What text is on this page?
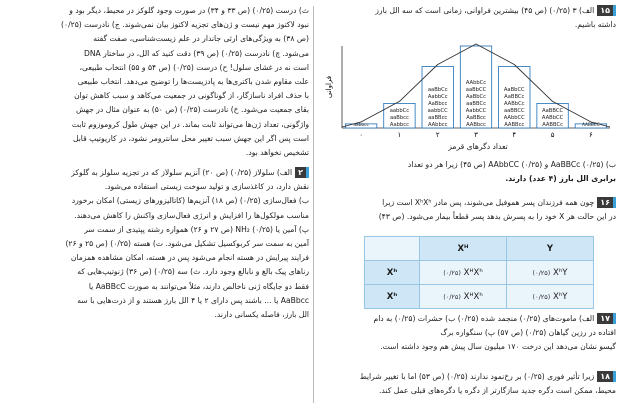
۱۵الف) ۳ (۰/۲۵) (ص ۴۵) بیشترین فراوانی، زمانی است که سه الل بارز

داشته باشیم.

تعداد دگرهای قرمز

ب) AaBBCc (۰/۲۵) و AAbbCC (۰/۲۵) (ص ۴۵) زیرا هر دو تعداد

برابری الل بارز (۴ عدد) دارند.

۱۶چون همه فرزندان پسر هموفیل می‌شوند، پس مادر XʰXʰ است زیرا

در این حالت هر X خود را به پسرش بدهد پسر قطعاً بیمار می‌شود. (ص ۴۳)

۱۷الف) ماموت‌های (۰/۲۵) منجمد شده (۰/۲۵) ب) حشرات (۰/۲۵) به دام

افتاده در رزین گیاهان (۰/۲۵) (ص ۵۷) پ) سنگواره برگ

گیسو نشان می‌دهد این درخت ۱۷۰ میلیون سال پیش هم وجود داشته است.

۱۸زیرا تأثیر فوری (۰/۲۵) بر رخ‌نمود ندارند (۰/۲۵) (ص ۵۳) اما با تغییر شرایط

محیط، ممکن است دگره جدید سازگارتر از دگره یا دگره‌های قبلی عمل کند.

فراوانی
aabbcc
۰
Aabbcc
aaBbcc
aabbCc
۱
AAbbcc
aaBBcc
aabbCC
AaBbcc
AabbCc
aaBbCc
۲
AABbcc
AaBBcc
AabbCC
aaBBCc
AaBbCc
aaBbCC
AAbbCc
۳
AABBcc
AAbbCC
aaBBCC
AABbCc
AaBBCc
AaBbCC
۴
AABBCc
AABbCC
AaBBCC
۵
AABBCC
۶
	Xᴴ	Y
Xʰ	(۰/۲۵) XᴴXʰ	(۰/۲۵) XʰY
Xʰ	(۰/۲۵) XᴴXʰ	(۰/۲۵) XʰY

ث) درست (۰/۲۵) (ص ۳۳ و ۳۴) در صورت وجود گلوکز در محیط، دیگر بود و

نبود لاکتوز مهم نیست و ژن‌های تجزیه لاکتوز بیان نمی‌شوند. ج) نادرست (۰/۲۵)

(ص ۳۸) به ویژگی‌های ارثی جاندار در علم زیست‌شناسی، صفت گفته

می‌شود. چ) نادرست (۰/۲۵) (ص ۳۹) دقت کنید که الل، در ساختار DNA

است نه در غشای سلول! ح) درست (۰/۲۵) (ص ۵۴ و ۵۵) انتخاب طبیعی،

علت مقاوم شدن باکتری‌ها به پادزیست‌ها را توضیح می‌دهد. انتخاب طبیعی

با حذف افراد ناسازگار، از گوناگونی در جمعیت می‌کاهد و سبب کاهش توان

بقای جمعیت می‌شود. خ) نادرست (۰/۲۵) (ص ۵۰) به عنوان مثال در جهش

واژگونی، تعداد ژن‌ها می‌تواند ثابت بماند. در این جهش طول کروموزوم ثابت

است پس اگر این جهش سبب تغییر محل سانترومر نشود، در کاریوتیپ قابل

تشخیص نخواهد بود.

۲الف) سلولاز (۰/۲۵) (ص ۲۰) آنزیم سلولاز که در تجزیه سلولز به گلوکز

نقش دارد، در کاغذسازی و تولید سوخت زیستی استفاده می‌شود.

ب) فعال‌سازی (۰/۲۵) (ص ۱۸) آنزیم‌ها (کاتالیزورهای زیستی) امکان برخورد

مناسب مولکول‌ها را افزایش و انرژی فعال‌سازی واکنش را کاهش می‌دهند.

پ) آمین یا NH₂ (۰/۲۵) (ص ۲۷ و ۲۶) همواره رشته پپتیدی از سمت سر

آمین به سمت سر کربوکسیل تشکیل می‌شود. ت) هسته (۰/۲۵) (ص ۲۵ و ۲۶)

فرایند پیرایش در هسته انجام می‌شود پس در هسته، امکان مشاهده همزمان

رناهای پیک بالغ و نابالغ وجود دارد. ث) سه (۰/۲۵) (ص ۳۶) ژنوتیپ‌هایی که

فقط دو جایگاه ژنی ناخالص دارند، مثلاً می‌توانند به صورت AaBBcC یا

AaBbcc یا ... باشند پس دارای ۲ یا ۴ الل بارز هستند و از ذرت‌هایی با سه

الل بارز، فاصله یکسانی دارند.
